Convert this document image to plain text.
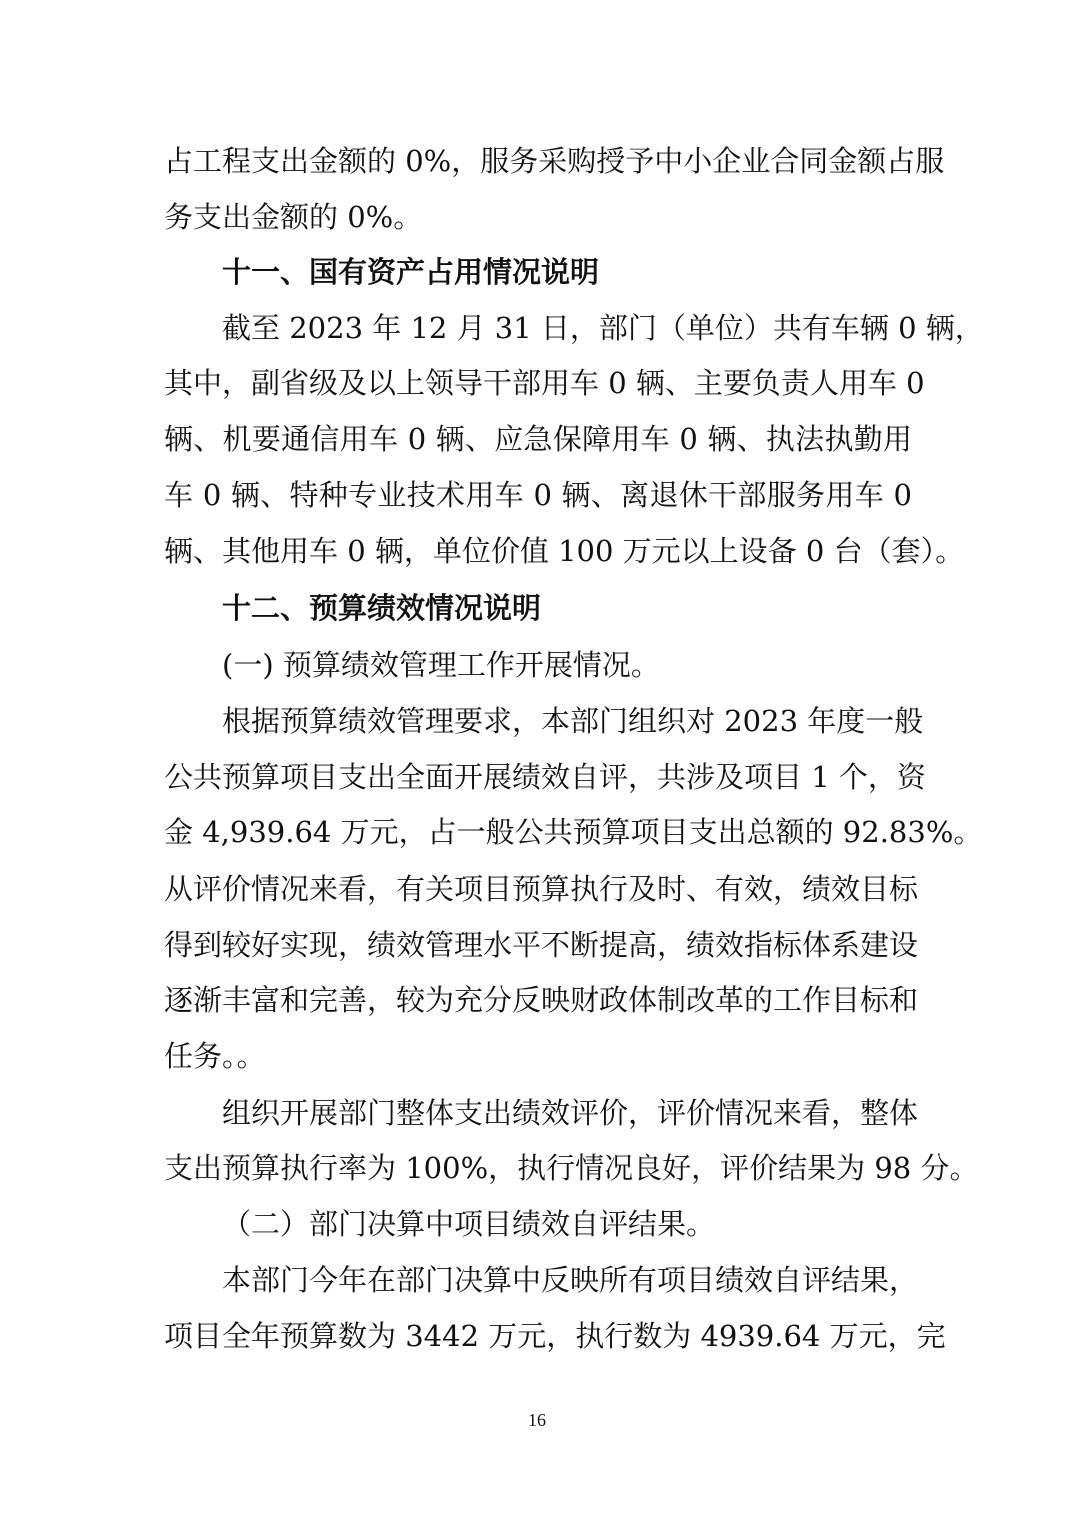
占工程支出金额的 0%，服务采购授予中小企业合同金额占服
务支出金额的 0%。
十一、国有资产占用情况说明
截至 2023 年 12 月 31 日，部门（单位）共有车辆 0 辆，
其中，副省级及以上领导干部用车 0 辆、主要负责人用车 0
辆、机要通信用车 0 辆、应急保障用车 0 辆、执法执勤用
车 0 辆、特种专业技术用车 0 辆、离退休干部服务用车 0
辆、其他用车 0 辆，单位价值 100 万元以上设备 0 台（套）。
十二、预算绩效情况说明
(一) 预算绩效管理工作开展情况。
根据预算绩效管理要求，本部门组织对 2023 年度一般
公共预算项目支出全面开展绩效自评，共涉及项目 1 个，资
金 4,939.64 万元，占一般公共预算项目支出总额的 92.83%。
从评价情况来看，有关项目预算执行及时、有效，绩效目标
得到较好实现，绩效管理水平不断提高，绩效指标体系建设
逐渐丰富和完善，较为充分反映财政体制改革的工作目标和
任务。。
组织开展部门整体支出绩效评价，评价情况来看，整体
支出预算执行率为 100%，执行情况良好，评价结果为 98 分。
（二）部门决算中项目绩效自评结果。
本部门今年在部门决算中反映所有项目绩效自评结果，
项目全年预算数为 3442 万元，执行数为 4939.64 万元，完
16
